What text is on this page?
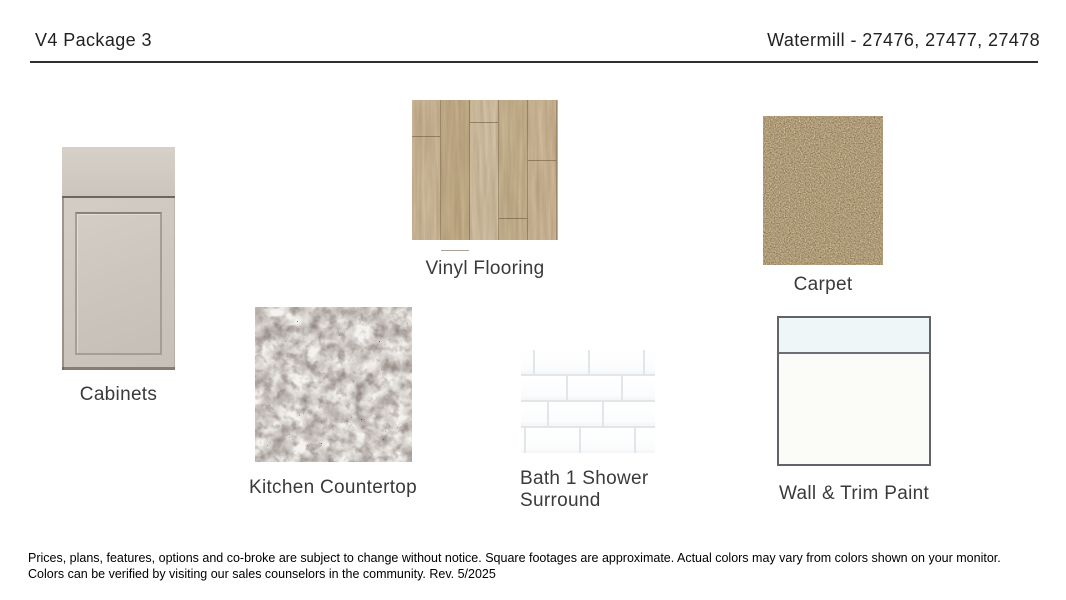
V4 Package 3	Watermill - 27476, 27477, 27478
Cabinets
Vinyl Flooring
Carpet
Kitchen Countertop	Bath 1 Shower Surround	Wall & Trim Paint
Prices, plans, features, options and co-broke are subject to change without notice. Square footages are approximate. Actual colors may vary from colors shown on your monitor. Colors can be verified by visiting our sales counselors in the community. Rev. 5/2025
